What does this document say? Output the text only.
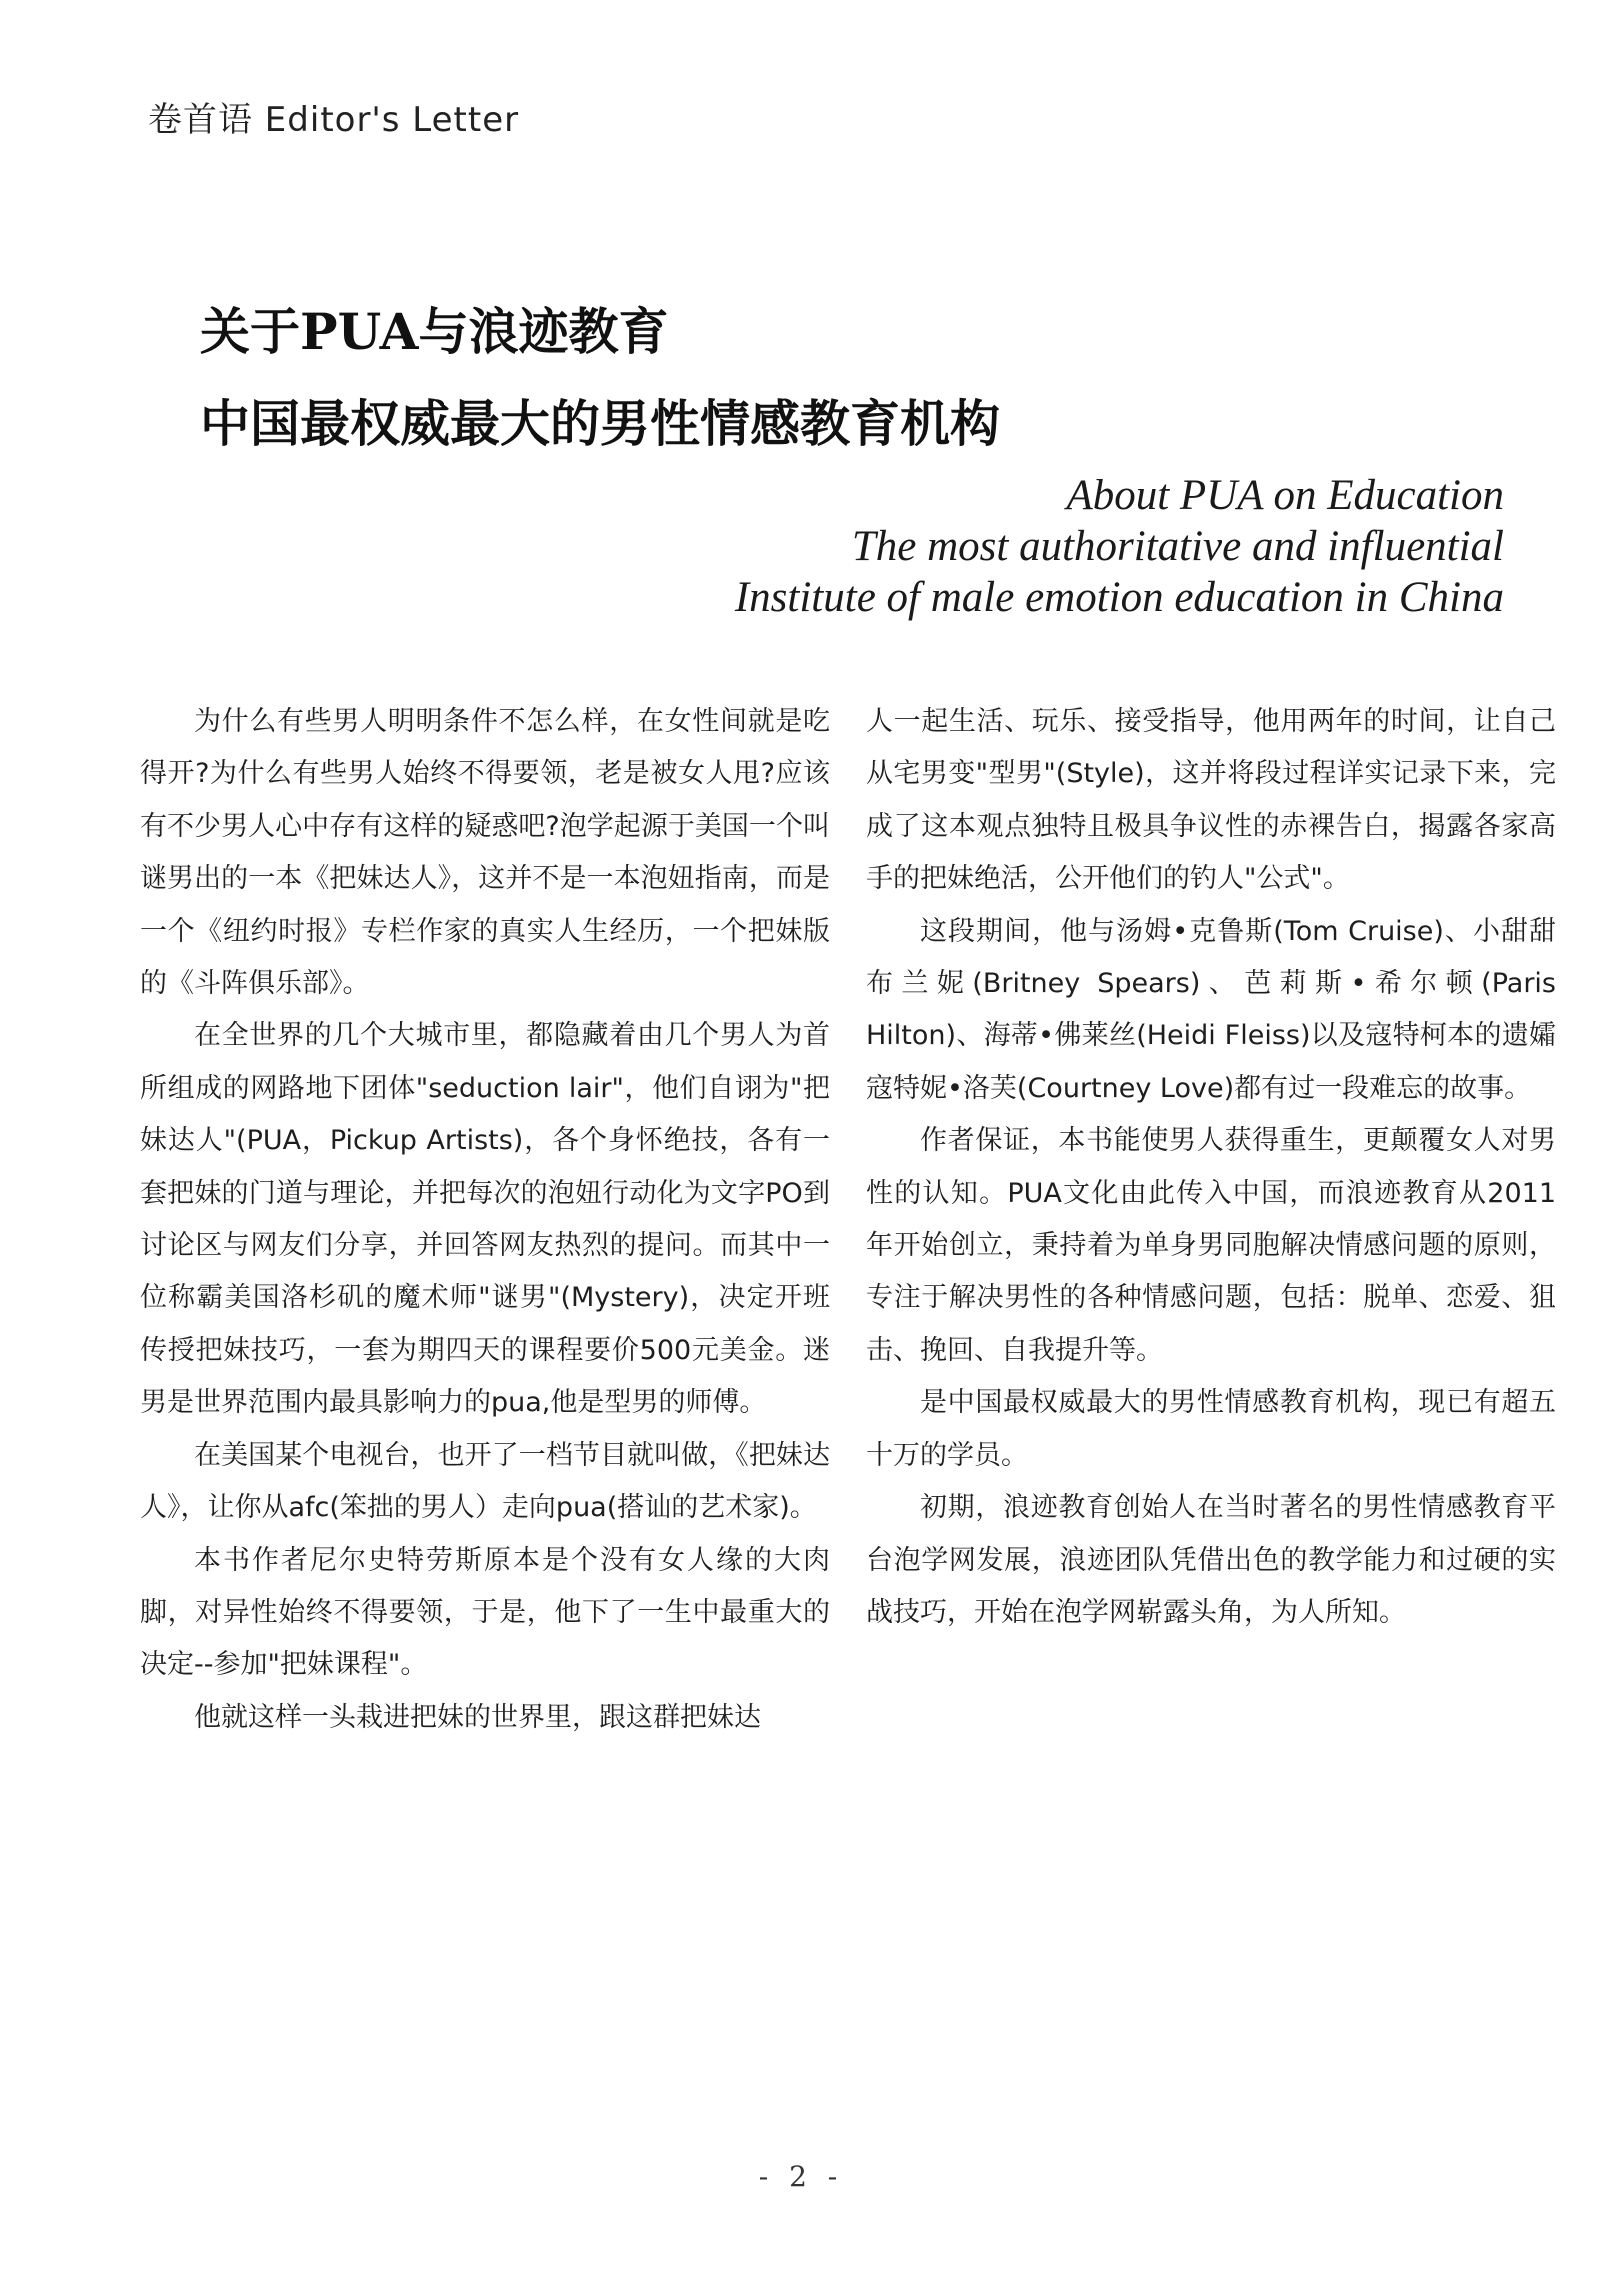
卷首语 Editor's Letter
关于PUA与浪迹教育
中国最权威最大的男性情感教育机构
About PUA on Education
The most authoritative and influential
Institute of male emotion education in China

为什么有些男人明明条件不怎么样，在女性间就是吃得开?为什么有些男人始终不得要领，老是被女人甩?应该有不少男人心中存有这样的疑惑吧?泡学起源于美国一个叫谜男出的一本《把妹达人》，这并不是一本泡妞指南，而是一个《纽约时报》专栏作家的真实人生经历，一个把妹版的《斗阵俱乐部》。

在全世界的几个大城市里，都隐藏着由几个男人为首所组成的网路地下团体"seduction lair"，他们自诩为"把妹达人"(PUA，Pickup Artists)，各个身怀绝技，各有一套把妹的门道与理论，并把每次的泡妞行动化为文字PO到讨论区与网友们分享，并回答网友热烈的提问。而其中一位称霸美国洛杉矶的魔术师"谜男"(Mystery)，决定开班传授把妹技巧，一套为期四天的课程要价500元美金。迷男是世界范围内最具影响力的pua,他是型男的师傅。

在美国某个电视台，也开了一档节目就叫做，《把妹达人》，让你从afc(笨拙的男人）走向pua(搭讪的艺术家)。

本书作者尼尔史特劳斯原本是个没有女人缘的大肉脚，对异性始终不得要领，于是，他下了一生中最重大的决定--参加"把妹课程"。

他就这样一头栽进把妹的世界里，跟这群把妹达

人一起生活、玩乐、接受指导，他用两年的时间，让自己从宅男变"型男"(Style)，这并将段过程详实记录下来，完成了这本观点独特且极具争议性的赤裸告白，揭露各家高手的把妹绝活，公开他们的钓人"公式"。

这段期间，他与汤姆•克鲁斯(Tom Cruise)、小甜甜布兰妮(Britney Spears)、芭莉斯•希尔顿(Paris Hilton)、海蒂•佛莱丝(Heidi Fleiss)以及寇特柯本的遗孀寇特妮•洛芙(Courtney Love)都有过一段难忘的故事。

作者保证，本书能使男人获得重生，更颠覆女人对男性的认知。PUA文化由此传入中国，而浪迹教育从2011年开始创立，秉持着为单身男同胞解决情感问题的原则，专注于解决男性的各种情感问题，包括：脱单、恋爱、狙击、挽回、自我提升等。

是中国最权威最大的男性情感教育机构，现已有超五十万的学员。

初期，浪迹教育创始人在当时著名的男性情感教育平台泡学网发展，浪迹团队凭借出色的教学能力和过硬的实战技巧，开始在泡学网崭露头角，为人所知。

- 2 -
